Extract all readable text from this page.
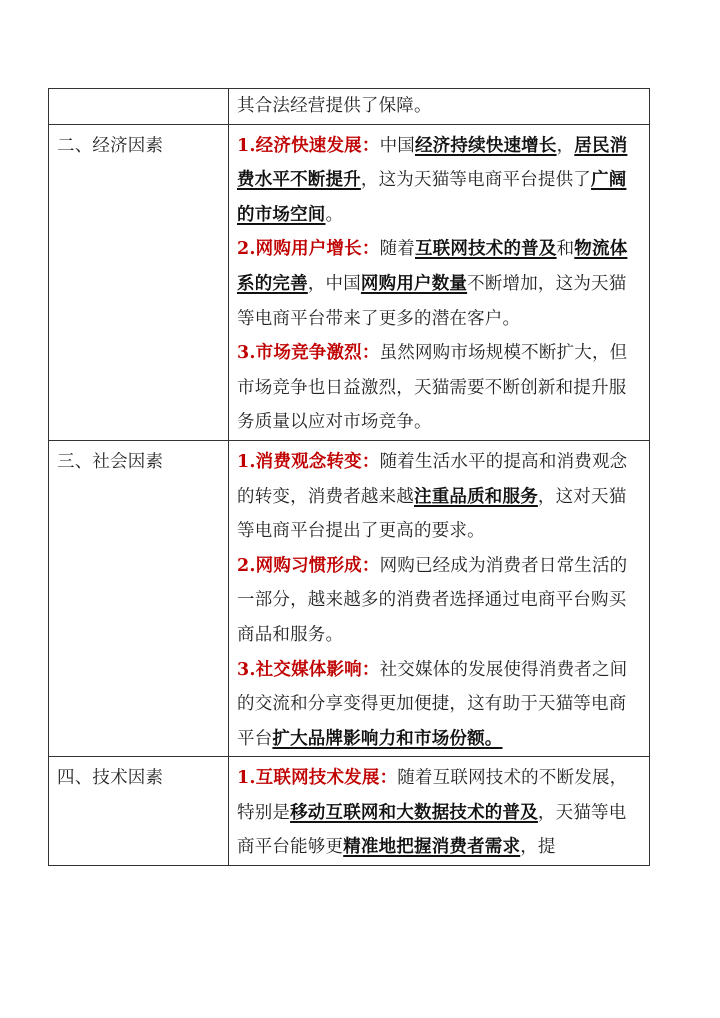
	其合法经营提供了保障。

二、经济因素	1.经济快速发展：中国经济持续快速增长，居民消费水平不断提升，这为天猫等电商平台提供了广阔的市场空间。
2.网购用户增长：随着互联网技术的普及和物流体系的完善，中国网购用户数量不断增加，这为天猫等电商平台带来了更多的潜在客户。
3.市场竞争激烈：虽然网购市场规模不断扩大，但市场竞争也日益激烈，天猫需要不断创新和提升服务质量以应对市场竞争。

三、社会因素	1.消费观念转变：随着生活水平的提高和消费观念的转变，消费者越来越注重品质和服务，这对天猫等电商平台提出了更高的要求。
2.网购习惯形成：网购已经成为消费者日常生活的一部分，越来越多的消费者选择通过电商平台购买商品和服务。
3.社交媒体影响：社交媒体的发展使得消费者之间的交流和分享变得更加便捷，这有助于天猫等电商平台扩大品牌影响力和市场份额。

四、技术因素	1.互联网技术发展：随着互联网技术的不断发展，特别是移动互联网和大数据技术的普及，天猫等电商平台能够更精准地把握消费者需求，提
